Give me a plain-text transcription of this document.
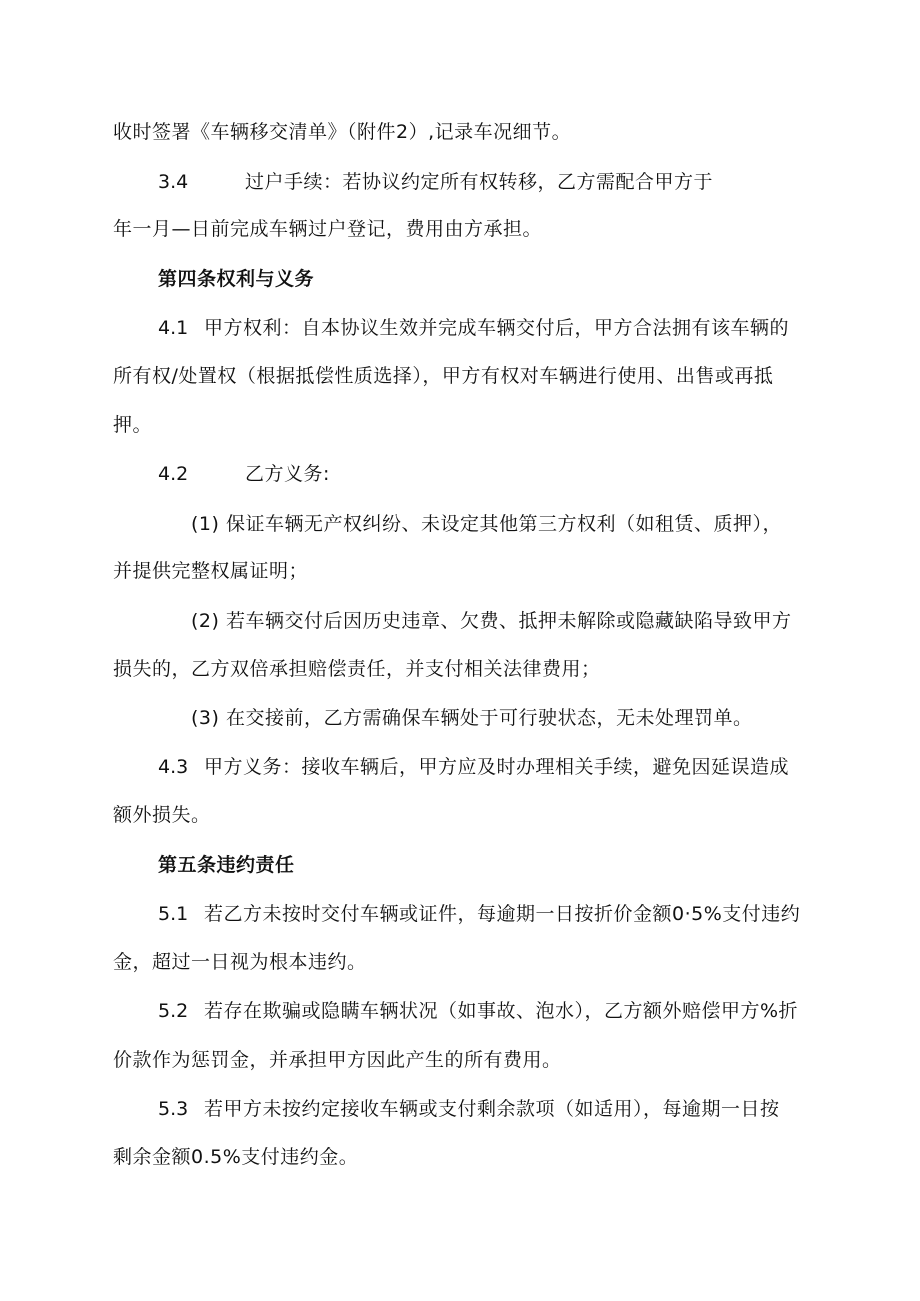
收时签署《车辆移交清单》（附件2）,记录车况细节。
3.4	过户手续：若协议约定所有权转移，乙方需配合甲方于
年一月—日前完成车辆过户登记，费用由方承担。
第四条权利与义务
4.1 甲方权利：自本协议生效并完成车辆交付后，甲方合法拥有该车辆的
所有权/处置权（根据抵偿性质选择），甲方有权对车辆进行使用、出售或再抵
押。
4.2	乙方义务:
(1) 保证车辆无产权纠纷、未设定其他第三方权利（如租赁、质押），
并提供完整权属证明；
(2) 若车辆交付后因历史违章、欠费、抵押未解除或隐藏缺陷导致甲方
损失的，乙方双倍承担赔偿责任，并支付相关法律费用；
(3) 在交接前，乙方需确保车辆处于可行驶状态，无未处理罚单。
4.3 甲方义务：接收车辆后，甲方应及时办理相关手续，避免因延误造成
额外损失。
第五条违约责任
5.1 若乙方未按时交付车辆或证件，每逾期一日按折价金额0·5%支付违约
金，超过一日视为根本违约。
5.2 若存在欺骗或隐瞒车辆状况（如事故、泡水），乙方额外赔偿甲方%折
价款作为惩罚金，并承担甲方因此产生的所有费用。
5.3 若甲方未按约定接收车辆或支付剩余款项（如适用），每逾期一日按
剩余金额0.5%支付违约金。
